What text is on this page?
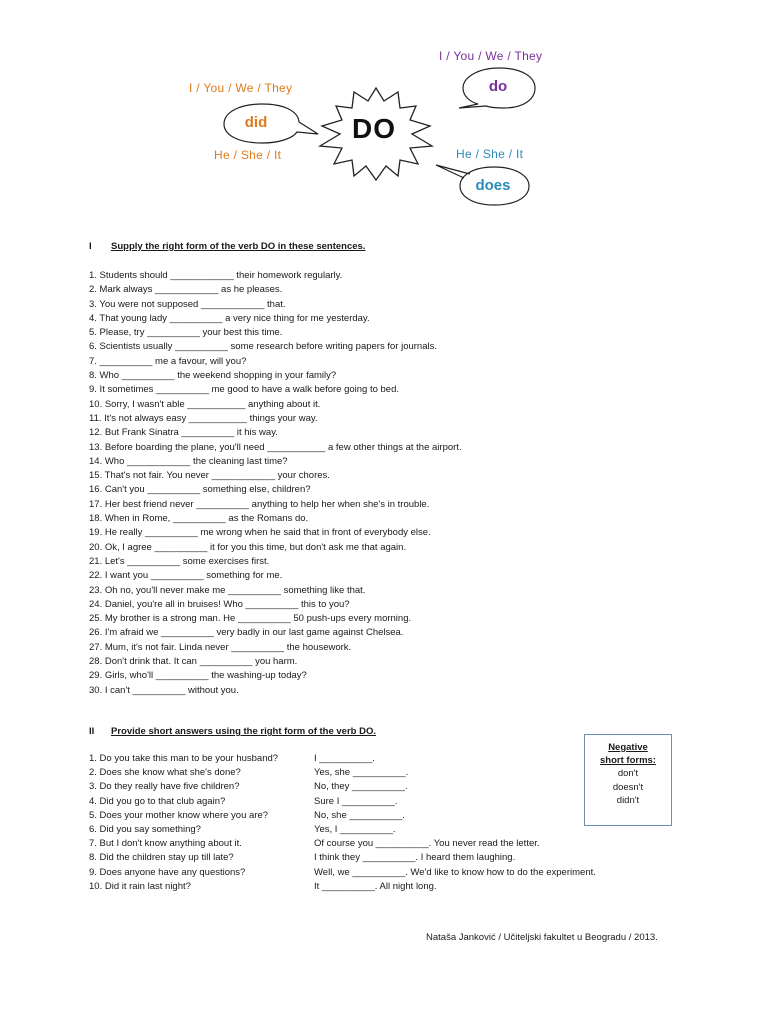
I / You / We / They
He / She / It
did
I / You / We / They
do
He / She / It
does
DO
I Supply the right form of the verb DO in these sentences.
1. Students should ____________ their homework regularly.
2. Mark always ____________ as he pleases.
3. You were not supposed ____________ that.
4. That young lady __________ a very nice thing for me yesterday.
5. Please, try __________ your best this time.
6. Scientists usually __________ some research before writing papers for journals.
7. __________ me a favour, will you?
8. Who __________ the weekend shopping in your family?
9. It sometimes __________ me good to have a walk before going to bed.
10. Sorry, I wasn't able ___________ anything about it.
11. It's not always easy ___________ things your way.
12. But Frank Sinatra __________ it his way.
13. Before boarding the plane, you'll need ___________ a few other things at the airport.
14. Who ____________ the cleaning last time?
15. That's not fair. You never ____________ your chores.
16. Can't you __________ something else, children?
17. Her best friend never __________ anything to help her when she's in trouble.
18. When in Rome, __________ as the Romans do.
19. He really __________ me wrong when he said that in front of everybody else.
20. Ok, I agree __________ it for you this time, but don't ask me that again.
21. Let's __________ some exercises first.
22. I want you __________ something for me.
23. Oh no, you'll never make me __________ something like that.
24. Daniel, you're all in bruises! Who __________ this to you?
25. My brother is a strong man. He __________ 50 push-ups every morning.
26. I'm afraid we __________ very badly in our last game against Chelsea.
27. Mum, it's not fair. Linda never __________ the housework.
28. Don't drink that. It can __________ you harm.
29. Girls, who'll __________ the washing-up today?
30. I can't __________ without you.
II Provide short answers using the right form of the verb DO.
1. Do you take this man to be your husband?	I __________.
2. Does she know what she's done?	Yes, she __________.
3. Do they really have five children?	No, they __________.
4. Did you go to that club again?	Sure I __________.
5. Does your mother know where you are?	No, she __________.
6. Did you say something?	Yes, I __________.
7. But I don't know anything about it.	Of course you __________. You never read the letter.
8. Did the children stay up till late?	I think they __________. I heard them laughing.
9. Does anyone have any questions?	Well, we __________. We'd like to know how to do the experiment.
10. Did it rain last night?	It __________. All night long.
Negative
short forms:
don't
doesn't
didn't
Nataša Janković / Učiteljski fakultet u Beogradu / 2013.
